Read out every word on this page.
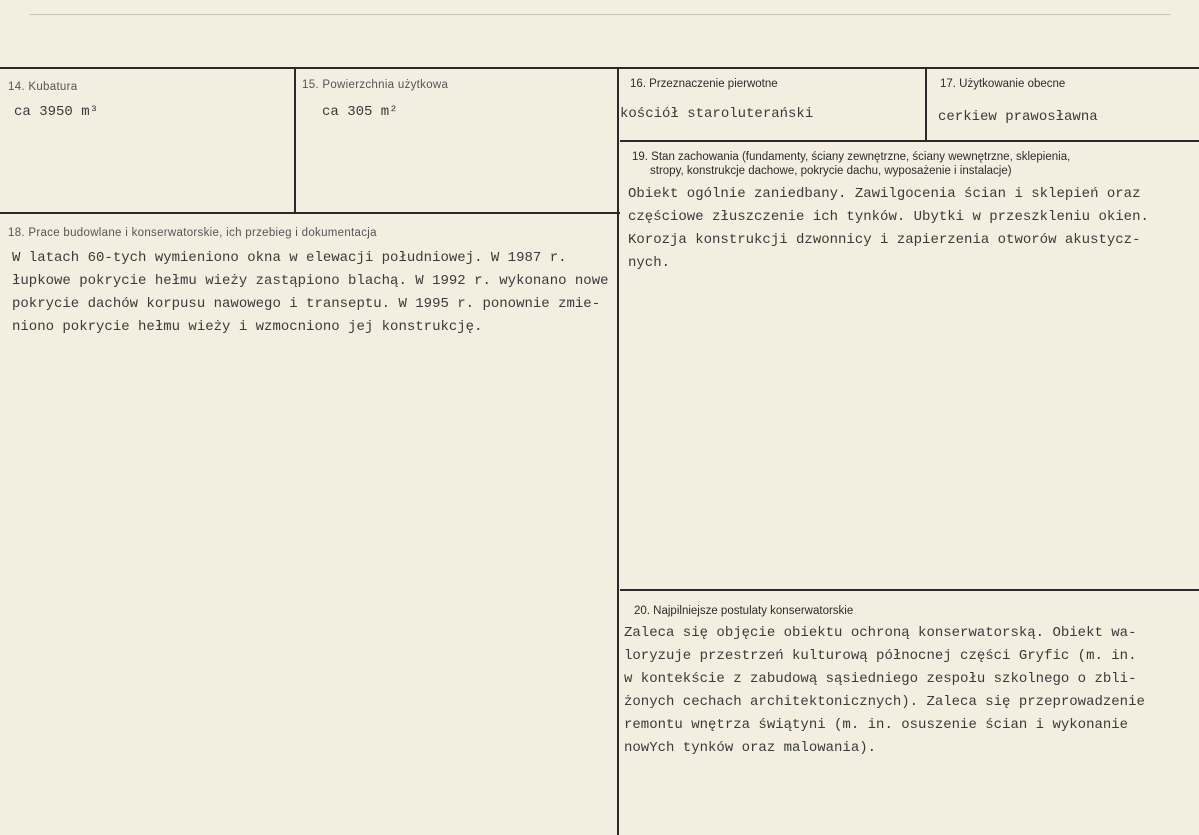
14. Kubatura
ca 3950 m³
15. Powierzchnia użytkowa
ca 305 m²
16. Przeznaczenie pierwotne
kościół staroluterański
17. Użytkowanie obecne
cerkiew prawosławna
18. Prace budowlane i konserwatorskie, ich przebieg i dokumentacja
W latach 60-tych wymieniono okna w elewacji południowej. W 1987 r.
łupkowe pokrycie hełmu wieży zastąpiono blachą. W 1992 r. wykonano nowe
pokrycie dachów korpusu nawowego i transeptu. W 1995 r. ponownie zmie-
niono pokrycie hełmu wieży i wzmocniono jej konstrukcję.
19. Stan zachowania (fundamenty, ściany zewnętrzne, ściany wewnętrzne, sklepienia,
stropy, konstrukcje dachowe, pokrycie dachu, wyposażenie i instalacje)
Obiekt ogólnie zaniedbany. Zawilgocenia ścian i sklepień oraz
częściowe złuszczenie ich tynków. Ubytki w przeszkleniu okien.
Korozja konstrukcji dzwonnicy i zapierzenia otworów akustycz-
nych.
20. Najpilniejsze postulaty konserwatorskie
Zaleca się objęcie obiektu ochroną konserwatorską. Obiekt wa-
loryzuje przestrzeń kulturową północnej części Gryfic (m. in.
w kontekście z zabudową sąsiedniego zespołu szkolnego o zbli-
żonych cechach architektonicznych). Zaleca się przeprowadzenie
remontu wnętrza świątyni (m. in. osuszenie ścian i wykonanie
nowYch tynków oraz malowania).
